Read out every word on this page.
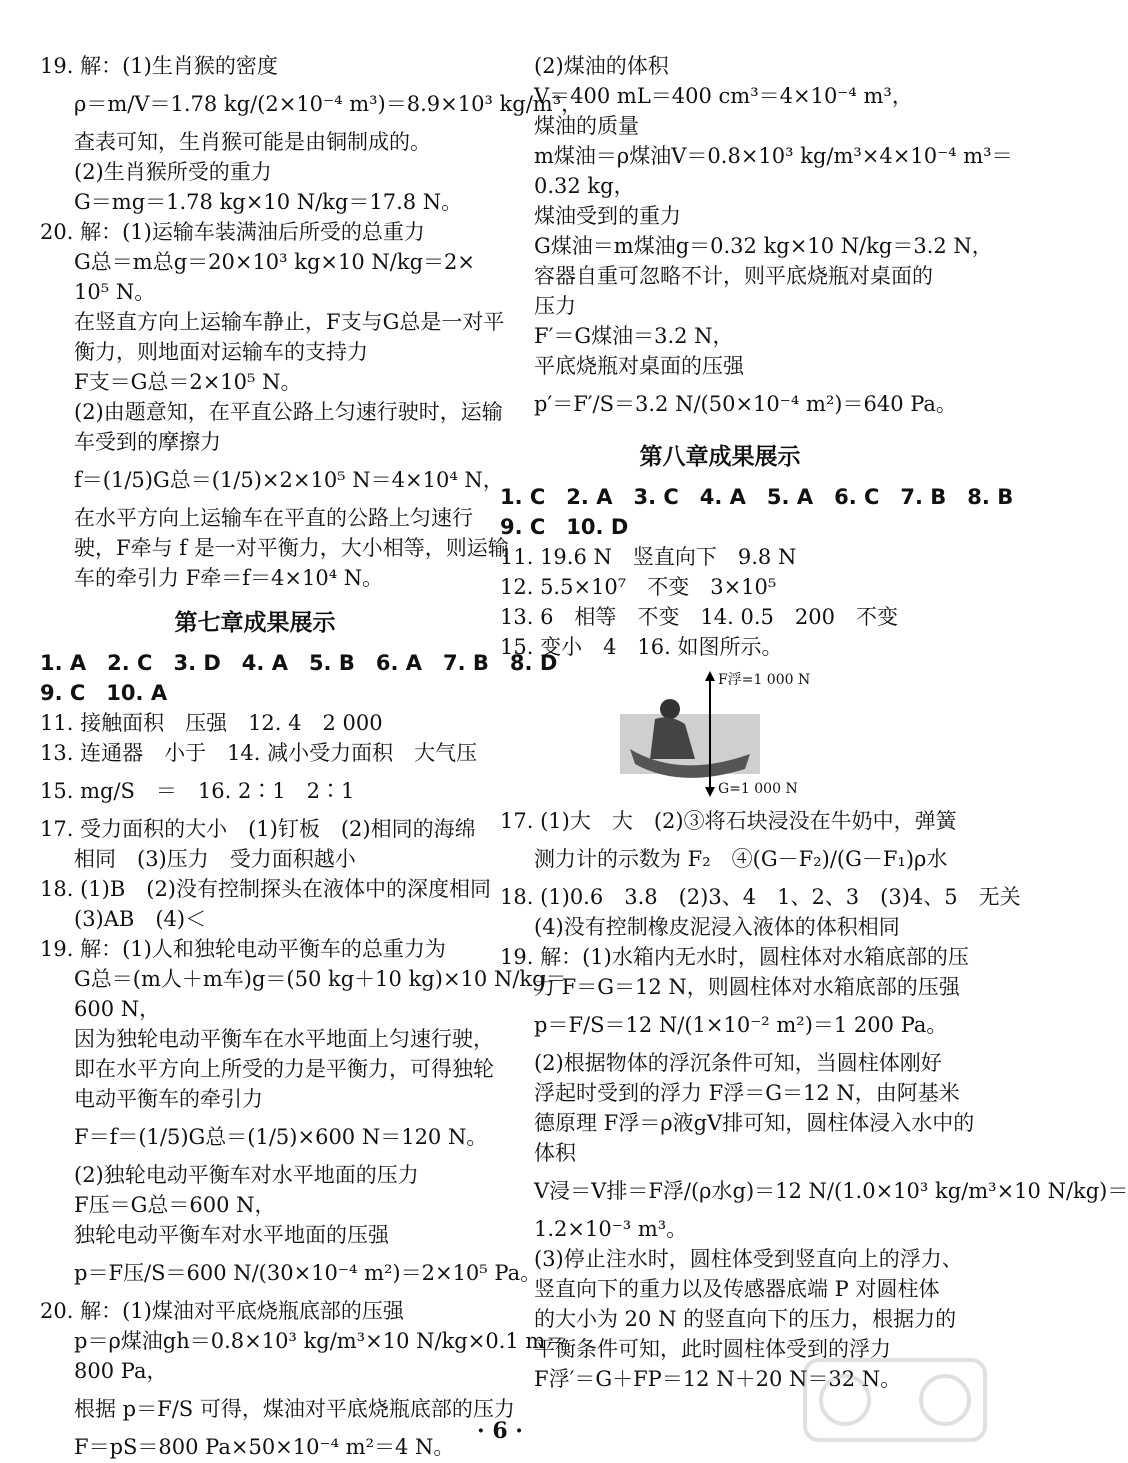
19. 解：(1)生肖猴的密度
ρ＝m/V＝1.78 kg/(2×10⁻⁴ m³)＝8.9×10³ kg/m³，
查表可知，生肖猴可能是由铜制成的。
(2)生肖猴所受的重力
G＝mg＝1.78 kg×10 N/kg＝17.8 N。
20. 解：(1)运输车装满油后所受的总重力
G总＝m总g＝20×10³ kg×10 N/kg＝2×
10⁵ N。
在竖直方向上运输车静止，F支与G总是一对平
衡力，则地面对运输车的支持力
F支＝G总＝2×10⁵ N。
(2)由题意知，在平直公路上匀速行驶时，运输
车受到的摩擦力
f＝(1/5)G总＝(1/5)×2×10⁵ N＝4×10⁴ N，
在水平方向上运输车在平直的公路上匀速行
驶，F牵与 f 是一对平衡力，大小相等，则运输
车的牵引力 F牵＝f＝4×10⁴ N。
第七章成果展示
1. A　2. C　3. D　4. A　5. B　6. A　7. B　8. D
9. C　10. A
11. 接触面积　压强　12. 4　2 000
13. 连通器　小于　14. 减小受力面积　大气压
15. mg/S　＝　16. 2∶1　2∶1
17. 受力面积的大小　(1)钉板　(2)相同的海绵
相同　(3)压力　受力面积越小
18. (1)B　(2)没有控制探头在液体中的深度相同
(3)AB　(4)＜
19. 解：(1)人和独轮电动平衡车的总重力为
G总＝(m人＋m车)g＝(50 kg＋10 kg)×10 N/kg＝
600 N，
因为独轮电动平衡车在水平地面上匀速行驶，
即在水平方向上所受的力是平衡力，可得独轮
电动平衡车的牵引力
F＝f＝(1/5)G总＝(1/5)×600 N＝120 N。
(2)独轮电动平衡车对水平地面的压力
F压＝G总＝600 N，
独轮电动平衡车对水平地面的压强
p＝F压/S＝600 N/(30×10⁻⁴ m²)＝2×10⁵ Pa。
20. 解：(1)煤油对平底烧瓶底部的压强
p＝ρ煤油gh＝0.8×10³ kg/m³×10 N/kg×0.1 m＝
800 Pa，
根据 p＝F/S 可得，煤油对平底烧瓶底部的压力
F＝pS＝800 Pa×50×10⁻⁴ m²＝4 N。
(2)煤油的体积
V＝400 mL＝400 cm³＝4×10⁻⁴ m³，
煤油的质量
m煤油＝ρ煤油V＝0.8×10³ kg/m³×4×10⁻⁴ m³＝
0.32 kg，
煤油受到的重力
G煤油＝m煤油g＝0.32 kg×10 N/kg＝3.2 N，
容器自重可忽略不计，则平底烧瓶对桌面的
压力
F′＝G煤油＝3.2 N，
平底烧瓶对桌面的压强
p′＝F′/S＝3.2 N/(50×10⁻⁴ m²)＝640 Pa。
第八章成果展示
1. C　2. A　3. C　4. A　5. A　6. C　7. B　8. B
9. C　10. D
11. 19.6 N　竖直向下　9.8 N
12. 5.5×10⁷　不变　3×10⁵
13. 6　相等　不变　14. 0.5　200　不变
15. 变小　4　16. 如图所示。
F浮=1 000 N
G=1 000 N
17. (1)大　大　(2)③将石块浸没在牛奶中，弹簧
测力计的示数为 F₂　④(G－F₂)/(G－F₁)ρ水
18. (1)0.6　3.8　(2)3、4　1、2、3　(3)4、5　无关
(4)没有控制橡皮泥浸入液体的体积相同
19. 解：(1)水箱内无水时，圆柱体对水箱底部的压
力 F＝G＝12 N，则圆柱体对水箱底部的压强
p＝F/S＝12 N/(1×10⁻² m²)＝1 200 Pa。
(2)根据物体的浮沉条件可知，当圆柱体刚好
浮起时受到的浮力 F浮＝G＝12 N，由阿基米
德原理 F浮＝ρ液gV排可知，圆柱体浸入水中的
体积
V浸＝V排＝F浮/(ρ水g)＝12 N/(1.0×10³ kg/m³×10 N/kg)＝
1.2×10⁻³ m³。
(3)停止注水时，圆柱体受到竖直向上的浮力、
竖直向下的重力以及传感器底端 P 对圆柱体
的大小为 20 N 的竖直向下的压力，根据力的
平衡条件可知，此时圆柱体受到的浮力
F浮′＝G＋FP＝12 N＋20 N＝32 N。
· 6 ·
